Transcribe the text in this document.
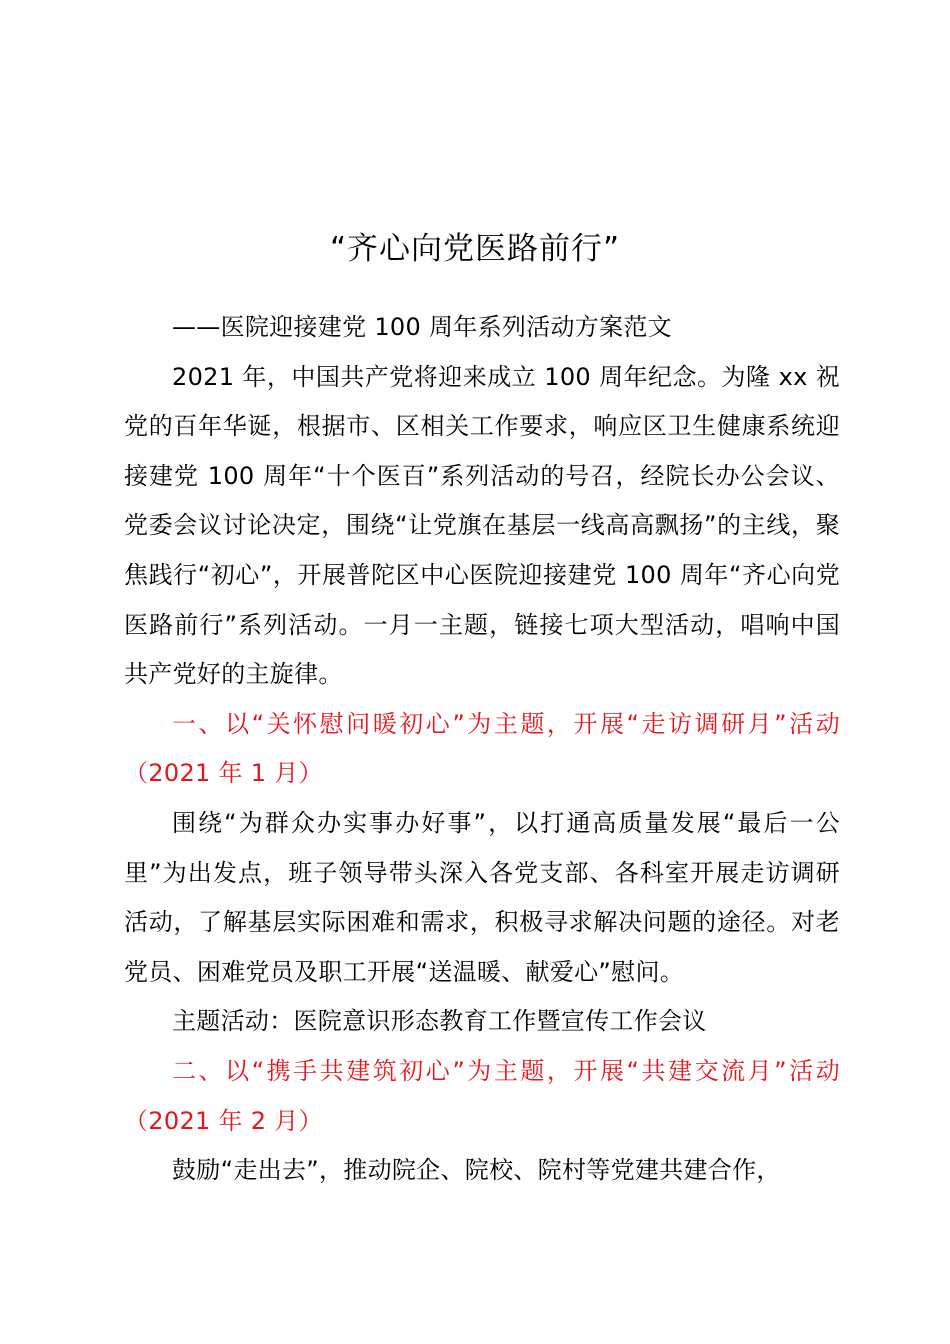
“齐心向党医路前行”

——医院迎接建党 100 周年系列活动方案范文

2021 年，中国共产党将迎来成立 100 周年纪念。为隆 xx 祝党的百年华诞，根据市、区相关工作要求，响应区卫生健康系统迎接建党 100 周年“十个医百”系列活动的号召，经院长办公会议、党委会议讨论决定，围绕“让党旗在基层一线高高飘扬”的主线，聚焦践行“初心”，开展普陀区中心医院迎接建党 100 周年“齐心向党医路前行”系列活动。一月一主题，链接七项大型活动，唱响中国共产党好的主旋律。

一、以“关怀慰问暖初心”为主题，开展“走访调研月”活动（2021 年 1 月）

围绕“为群众办实事办好事”，以打通高质量发展“最后一公里”为出发点，班子领导带头深入各党支部、各科室开展走访调研活动，了解基层实际困难和需求，积极寻求解决问题的途径。对老党员、困难党员及职工开展“送温暖、献爱心”慰问。

主题活动：医院意识形态教育工作暨宣传工作会议

二、以“携手共建筑初心”为主题，开展“共建交流月”活动（2021 年 2 月）

鼓励“走出去”，推动院企、院校、院村等党建共建合作，
